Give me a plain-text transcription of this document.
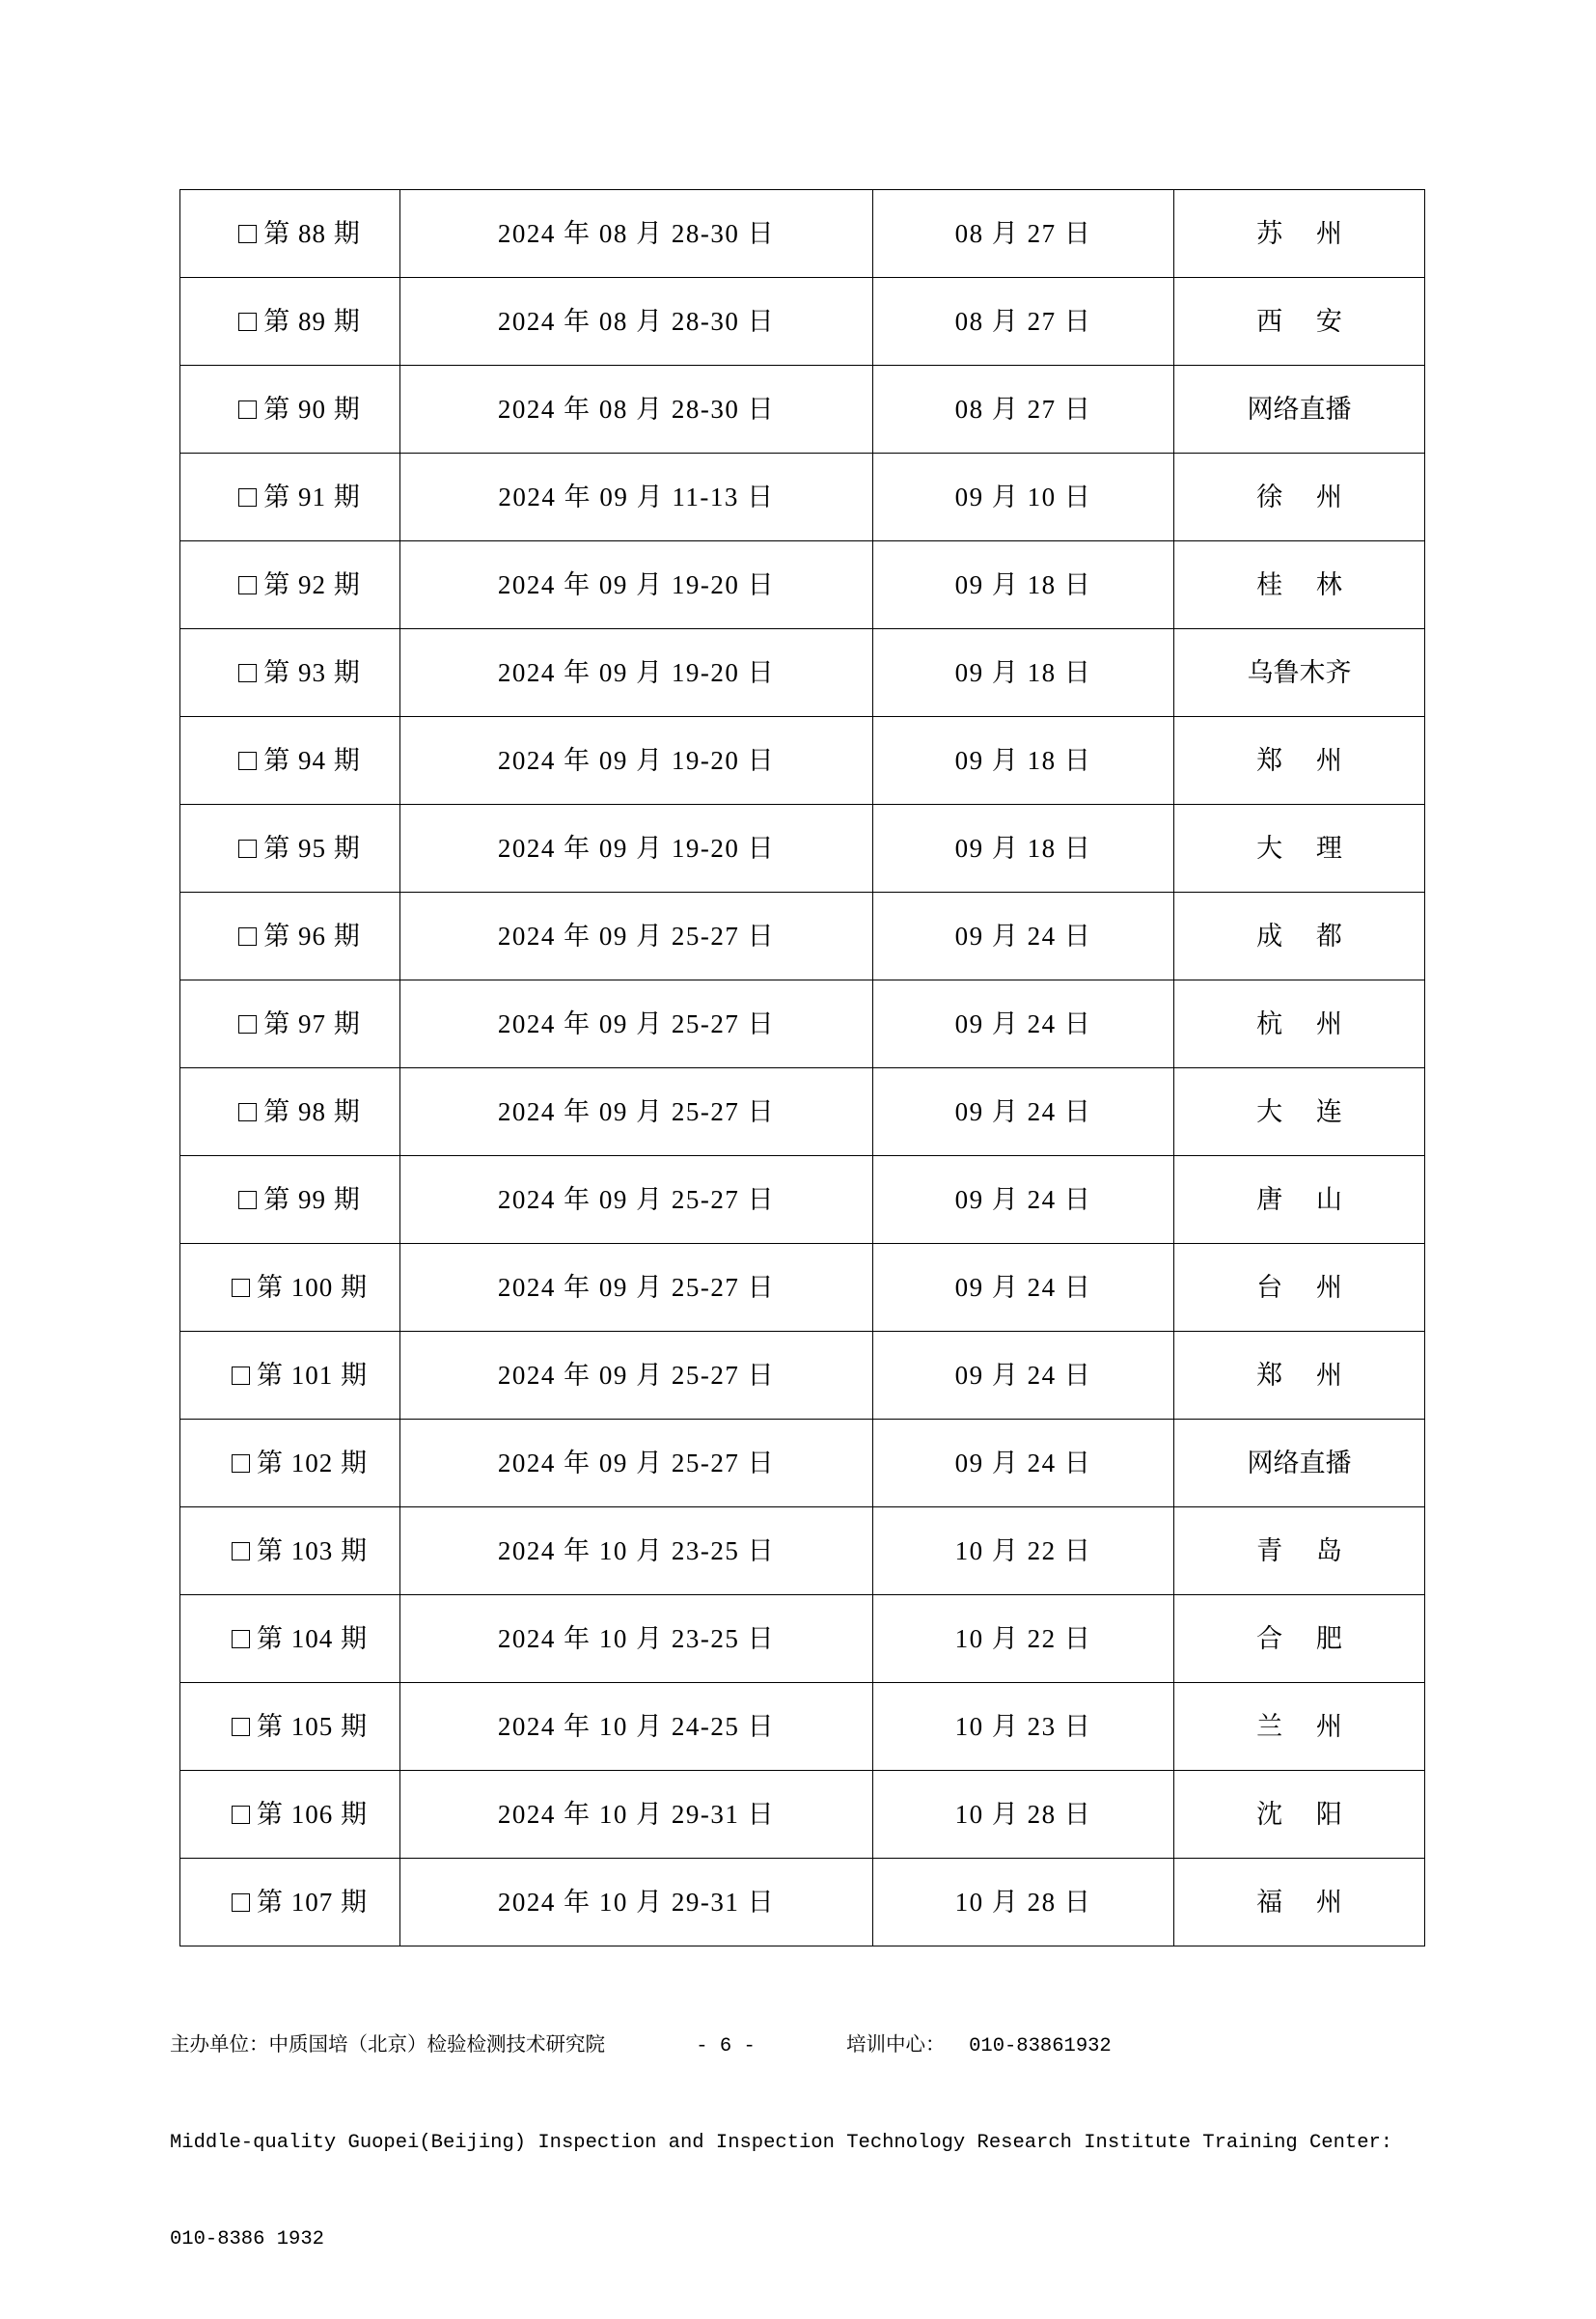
第 88 期	2024 年 08 月 28-30 日	08 月 27 日	苏 州
第 89 期	2024 年 08 月 28-30 日	08 月 27 日	西 安
第 90 期	2024 年 08 月 28-30 日	08 月 27 日	网络直播
第 91 期	2024 年 09 月 11-13 日	09 月 10 日	徐 州
第 92 期	2024 年 09 月 19-20 日	09 月 18 日	桂 林
第 93 期	2024 年 09 月 19-20 日	09 月 18 日	乌鲁木齐
第 94 期	2024 年 09 月 19-20 日	09 月 18 日	郑 州
第 95 期	2024 年 09 月 19-20 日	09 月 18 日	大 理
第 96 期	2024 年 09 月 25-27 日	09 月 24 日	成 都
第 97 期	2024 年 09 月 25-27 日	09 月 24 日	杭 州
第 98 期	2024 年 09 月 25-27 日	09 月 24 日	大 连
第 99 期	2024 年 09 月 25-27 日	09 月 24 日	唐 山
第 100 期	2024 年 09 月 25-27 日	09 月 24 日	台 州
第 101 期	2024 年 09 月 25-27 日	09 月 24 日	郑 州
第 102 期	2024 年 09 月 25-27 日	09 月 24 日	网络直播
第 103 期	2024 年 10 月 23-25 日	10 月 22 日	青 岛
第 104 期	2024 年 10 月 23-25 日	10 月 22 日	合 肥
第 105 期	2024 年 10 月 24-25 日	10 月 23 日	兰 州
第 106 期	2024 年 10 月 29-31 日	10 月 28 日	沈 阳
第 107 期	2024 年 10 月 29-31 日	10 月 28 日	福 州

主办单位：中质国培（北京）检验检测技术研究院	- 6 -	培训中心：  010-83861932

Middle-quality Guopei(Beijing) Inspection and Inspection Technology Research Institute Training Center:

010-8386 1932
